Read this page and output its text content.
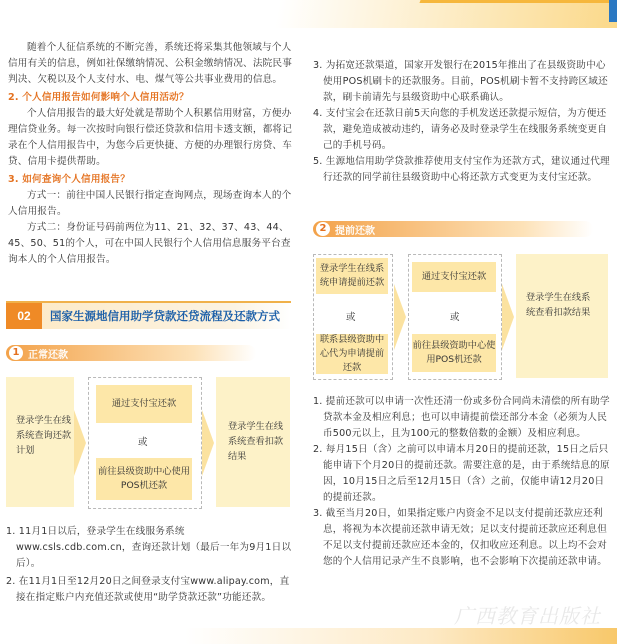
随着个人征信系统的不断完善，系统还将采集其他领域与个人信用有关的信息，例如社保缴纳情况、公积金缴纳情况、法院民事判决、欠税以及个人支付水、电、煤气等公共事业费用的信息。

2. 个人信用报告如何影响个人信用活动？

个人信用报告的最大好处就是帮助个人积累信用财富，方便办理信贷业务。每一次按时向银行偿还贷款和信用卡透支额，都将记录在个人信用报告中，为您今后更快捷、方便的办理银行房贷、车贷、信用卡提供帮助。

3. 如何查询个人信用报告？

方式一：前往中国人民银行指定查询网点，现场查询本人的个人信用报告。

方式二：身份证号码前两位为11、21、32、37、43、44、45、50、51的个人，可在中国人民银行个人信用信息服务平台查询本人的个人信用报告。

02	国家生源地信用助学贷款还贷流程及还款方式
1 正常还款
登录学生在线系统查询还款计划
通过支付宝还款
或
前往县级资助中心使用POS机还款
登录学生在线系统查看扣款结果

1. 11月1日以后，登录学生在线服务系统www.csls.cdb.com.cn，查询还款计划（最后一年为9月1日以后）。

2. 在11月1日至12月20日之间登录支付宝www.alipay.com，直接在指定账户内充值还款或使用“助学贷款还款”功能还款。

3. 为拓宽还款渠道，国家开发银行在2015年推出了在县级资助中心使用POS机刷卡的还款服务。目前，POS机刷卡暂不支持跨区域还款，刷卡前请先与县级资助中心联系确认。

4. 支付宝会在还款日前5天向您的手机发送还款提示短信，为方便还款，避免造成被动违约，请务必及时登录学生在线服务系统变更自己的手机号码。

5. 生源地信用助学贷款推荐使用支付宝作为还款方式，建议通过代理行还款的同学前往县级资助中心将还款方式变更为支付宝还款。

2 提前还款
登录学生在线系统申请提前还款
或
联系县级资助中心代为申请提前还款
通过支付宝还款
或
前往县级资助中心使用POS机还款
登录学生在线系统查看扣款结果

1. 提前还款可以申请一次性还清一份或多份合同尚未清偿的所有助学贷款本金及相应利息；也可以申请提前偿还部分本金（必须为人民币500元以上，且为100元的整数倍数的金额）及相应利息。

2. 每月15日（含）之前可以申请本月20日的提前还款，15日之后只能申请下个月20日的提前还款。需要注意的是，由于系统结息的原因，10月15日之后至12月15日（含）之前，仅能申请12月20日的提前还款。

3. 截至当月20日，如果指定账户内资金不足以支付提前还款应还利息，将视为本次提前还款申请无效；足以支付提前还款应还利息但不足以支付提前还款应还本金的，仅扣收应还利息。以上均不会对您的个人信用记录产生不良影响，也不会影响下次提前还款申请。

广西教育出版社
